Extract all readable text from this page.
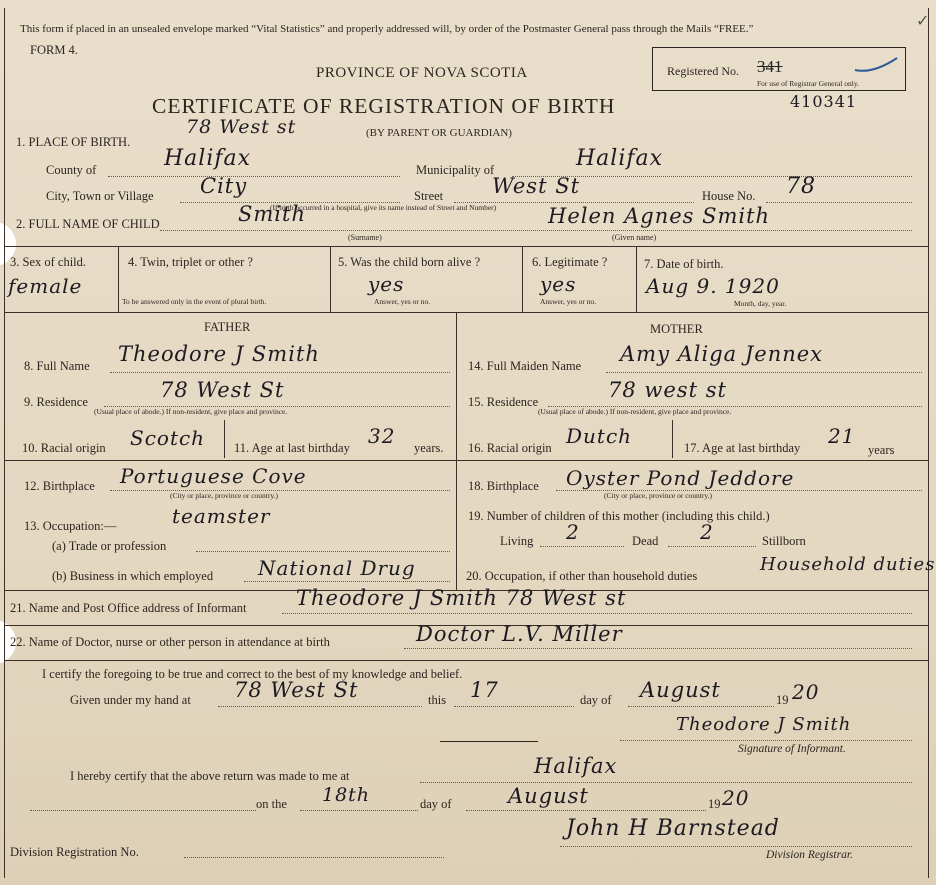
This form if placed in an unsealed envelope marked “Vital Statistics” and properly addressed will, by order of the Postmaster General pass through the Mails “FREE.”
FORM 4.
✓
PROVINCE OF NOVA SCOTIA
CERTIFICATE OF REGISTRATION OF BIRTH
Registered No. 341
For use of Registrar General only.
410341
1. PLACE OF BIRTH.
78 West st	(BY PARENT OR GUARDIAN)
County of	Halifax	Municipality of	Halifax
City, Town or Village City	Street West St
(If birth occurred in a hospital, give its name instead of Street and Number)
House No. 78
2. FULL NAME OF CHILD	Smith
(Surname)
Helen Agnes Smith
(Given name)
3. Sex of child.
female
4. Twin, triplet or other ?
To be answered only in the event of plural birth.
5. Was the child born alive ?
yes
Answer, yes or no.
6. Legitimate ?
yes
Answer, yes or no.
7. Date of birth.
Aug 9. 1920
Month, day, year.
FATHER	MOTHER
8. Full Name Theodore J Smith
9. Residence	78 West St
(Usual place of abode.) If non-resident, give place and province.
10. Racial origin Scotch 11. Age at last birthday 32 years.
12. Birthplace Portuguese Cove
(City or place, province or country.)
13. Occupation:—	teamster
(a) Trade or profession
(b) Business in which employed National Drug
14. Full Maiden Name Amy Aliga Jennex
15. Residence	78 west st
(Usual place of abode.) If non-resident, give place and province.
16. Racial origin Dutch	17. Age at last birthday 21
years
18. Birthplace Oyster Pond Jeddore
(City or place, province or country.)
19. Number of children of this mother (including this child.)
Living 2	Dead 2	Stillborn
20. Occupation, if other than household duties
Household duties
21. Name and Post Office address of Informant Theodore J Smith 78 West st
22. Name of Doctor, nurse or other person in attendance at birth	Doctor L.V. Miller
I certify the foregoing to be true and correct to the best of my knowledge and belief.
Given under my hand at 78 West St	this 17	day of August	19 20
Theodore J Smith
Signature of Informant.
I hereby certify that the above return was made to me at	Halifax
on the 18th	day of	August	19 20
John H Barnstead
Division Registration No.	Division Registrar.
